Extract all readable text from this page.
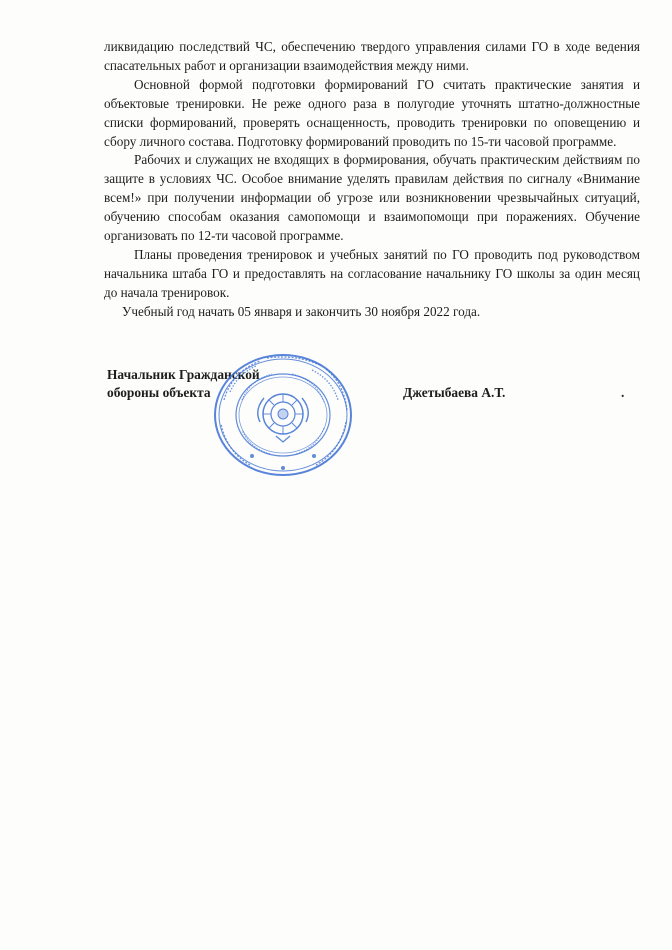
ликвидацию последствий ЧС, обеспечению твердого управления силами ГО в ходе ведения спасательных работ и организации взаимодействия между ними.

Основной формой подготовки формирований ГО считать практические занятия и объектовые тренировки. Не реже одного раза в полугодие уточнять штатно-должностные списки формирований, проверять оснащенность, проводить тренировки по оповещению и сбору личного состава. Подготовку формирований проводить по 15-ти часовой программе.

Рабочих и служащих не входящих в формирования, обучать практическим действиям по защите в условиях ЧС. Особое внимание уделять правилам действия по сигналу «Внимание всем!» при получении информации об угрозе или возникновении чрезвычайных ситуаций, обучению способам оказания самопомощи и взаимопомощи при поражениях. Обучение организовать по 12-ти часовой программе.

Планы проведения тренировок и учебных занятий по ГО проводить под руководством начальника штаба ГО и предоставлять на согласование начальнику ГО школы за один месяц до начала тренировок.

Учебный год начать 05 января и закончить 30 ноября 2022 года.

Начальник Гражданской
обороны объекта	Джетыбаева А.Т.	.
